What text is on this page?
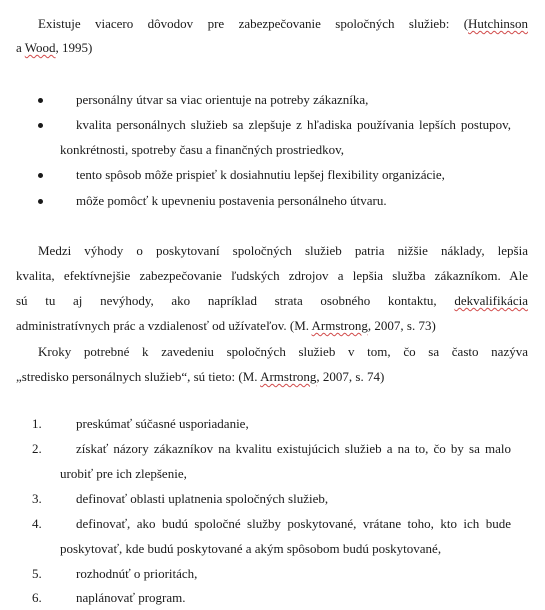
Existuje viacero dôvodov pre zabezpečovanie spoločných služieb: (Hutchinson
a Wood, 1995)
personálny útvar sa viac orientuje na potreby zákazníka,
kvalita personálnych služieb sa zlepšuje z hľadiska používania lepších postupov,
konkrétnosti, spotreby času a finančných prostriedkov,
tento spôsob môže prispieť k dosiahnutiu lepšej flexibility organizácie,
môže pomôcť k upevneniu postavenia personálneho útvaru.
Medzi výhody o poskytovaní spoločných služieb patria nižšie náklady, lepšia
kvalita, efektívnejšie zabezpečovanie ľudských zdrojov a lepšia služba zákazníkom. Ale
sú tu aj nevýhody, ako napríklad strata osobného kontaktu, dekvalifikácia
administratívnych prác a vzdialenosť od užívateľov. (M. Armstrong, 2007, s. 73)
Kroky potrebné k zavedeniu spoločných služieb v tom, čo sa často nazýva
„stredisko personálnych služieb“, sú tieto: (M. Armstrong, 2007, s. 74)
1.	preskúmať súčasné usporiadanie,
2.	získať názory zákazníkov na kvalitu existujúcich služieb a na to, čo by sa malo
urobiť pre ich zlepšenie,
3.	definovať oblasti uplatnenia spoločných služieb,
4.	definovať, ako budú spoločné služby poskytované, vrátane toho, kto ich bude
poskytovať, kde budú poskytované a akým spôsobom budú poskytované,
5.	rozhodnúť o prioritách,
6.	naplánovať program.
